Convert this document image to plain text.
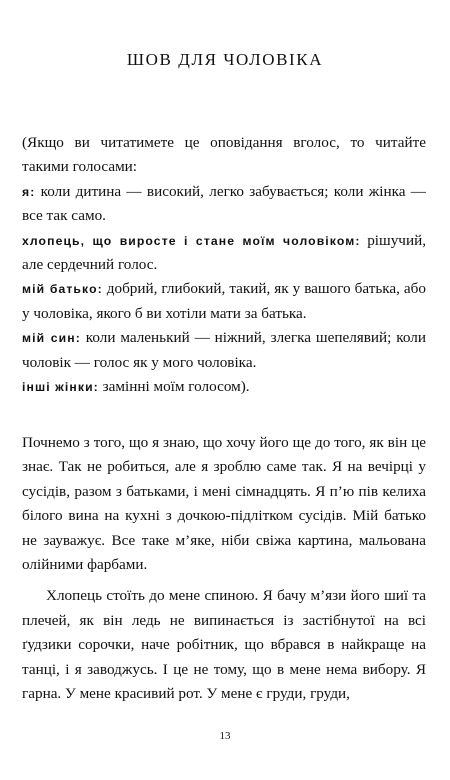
ШОВ ДЛЯ ЧОЛОВІКА

(Якщо ви читатимете це оповідання вголос, то читайте такими голосами:

я: коли дитина — високий, легко забувається; коли жінка — все так само.

хлопець, що виросте і стане моїм чоловіком: рішучий, але сердечний голос.

мій батько: добрий, глибокий, такий, як у вашого батька, або у чоловіка, якого б ви хотіли мати за батька.

мій син: коли маленький — ніжний, злегка шепелявий; коли чоловік — голос як у мого чоловіка.

інші жінки: замінні моїм голосом).

Почнемо з того, що я знаю, що хочу його ще до того, як він це знає. Так не робиться, але я зроблю саме так. Я на вечірці у сусідів, разом з батьками, і мені сімнадцять. Я п’ю пів келиха білого вина на кухні з дочкою-підлітком сусідів. Мій батько не зауважує. Все таке м’яке, ніби свіжа картина, мальована олійними фарбами.

Хлопець стоїть до мене спиною. Я бачу м’язи його шиї та плечей, як він ледь не випинається із застібнутої на всі ґудзики сорочки, наче робітник, що вбрався в найкраще на танці, і я заводжусь. І це не тому, що в мене нема вибору. Я гарна. У мене красивий рот. У мене є груди, груди,

13
